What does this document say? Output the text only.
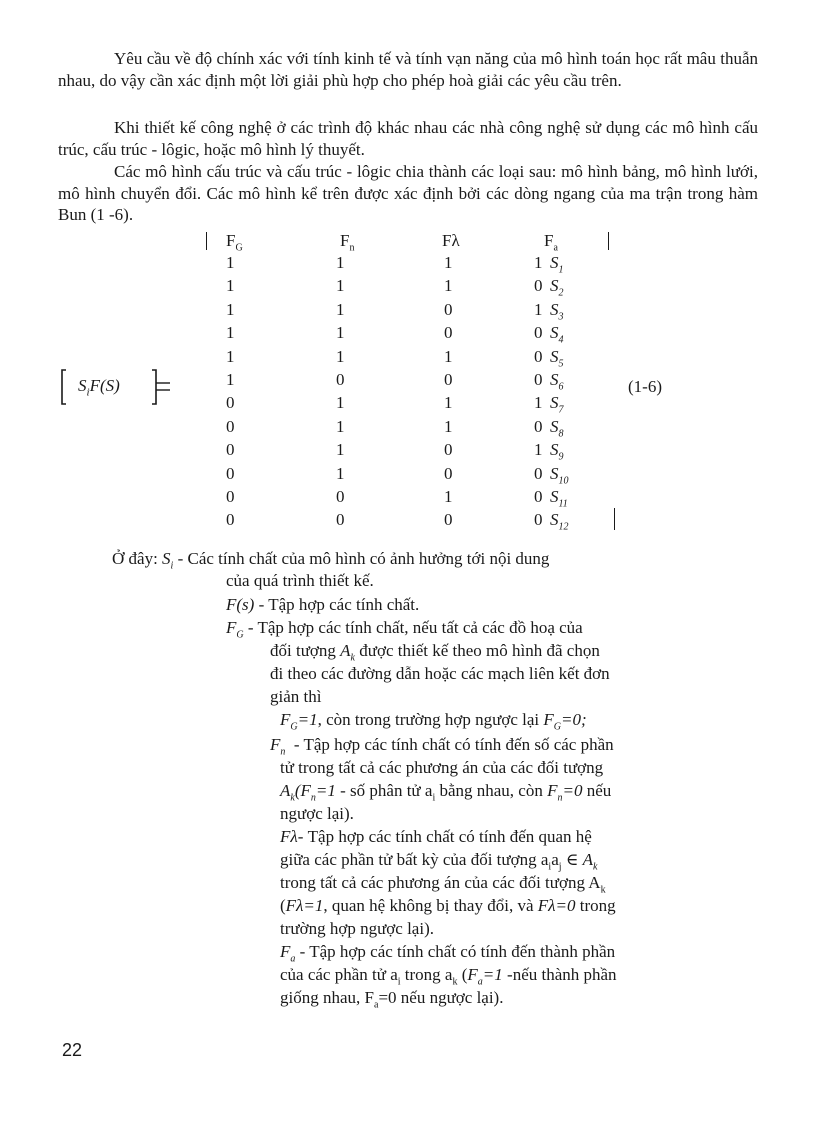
Yêu cầu về độ chính xác với tính kinh tế và tính vạn năng của mô hình toán học rất mâu thuẫn nhau, do vậy cần xác định một lời giải phù hợp cho phép hoà giải các yêu cầu trên.
Khi thiết kế công nghệ ở các trình độ khác nhau các nhà công nghệ sử dụng các mô hình cấu trúc, cấu trúc - lôgic, hoặc mô hình lý thuyết.
Các mô hình cấu trúc và cấu trúc - lôgic chia thành các loại sau: mô hình bảng, mô hình lưới, mô hình chuyển đổi. Các mô hình kể trên được xác định bởi các dòng ngang của ma trận trong hàm Bun (1 -6).
$S_iF(S)$
$F_G$	$F_n$	Fλ	$F_a$
1	1	1	1 $S_1$
1	1	1	0 $S_2$
1	1	0	1 $S_3$
1	1	0	0 $S_4$
1	1	1	0 $S_5$
1	0	0	0 $S_6$
0	1	1	1 $S_7$
0	1	1	0 $S_8$
0	1	0	1 $S_9$
0	1	0	0 $S_{10}$
0	0	1	0 $S_{11}$
0	0	0	0 $S_{12}$
(1-6)
Ở đây: $S_i$ - Các tính chất của mô hình có ảnh hưởng tới nội dung
của quá trình thiết kế.
F(s) - Tập hợp các tính chất.
$F_G$ - Tập hợp các tính chất, nếu tất cả các đồ hoạ của
đối tượng $A_k$ được thiết kế theo mô hình đã chọn
đi theo các đường dẫn hoặc các mạch liên kết đơn
giản thì
$F_G=1$, còn trong trường hợp ngược lại $F_G=0$;
$F_n$ - Tập hợp các tính chất có tính đến số các phần
tử trong tất cả các phương án của các đối tượng
$A_k(F_n=1$ - số phân tử $a_i$ bằng nhau, còn $F_n=0$ nếu
ngược lại).
Fλ- Tập hợp các tính chất có tính đến quan hệ
giữa các phần tử bất kỳ của đối tượng $a_ia_j$ ∈ $A_k$
trong tất cả các phương án của các đối tượng $A_k$
(Fλ=1, quan hệ không bị thay đổi, và Fλ=0 trong
trường hợp ngược lại).
$F_a$ - Tập hợp các tính chất có tính đến thành phần
của các phần tử $a_i$ trong $a_k$ ($F_a=1$ -nếu thành phần
giống nhau, $F_a=0$ nếu ngược lại).
22
